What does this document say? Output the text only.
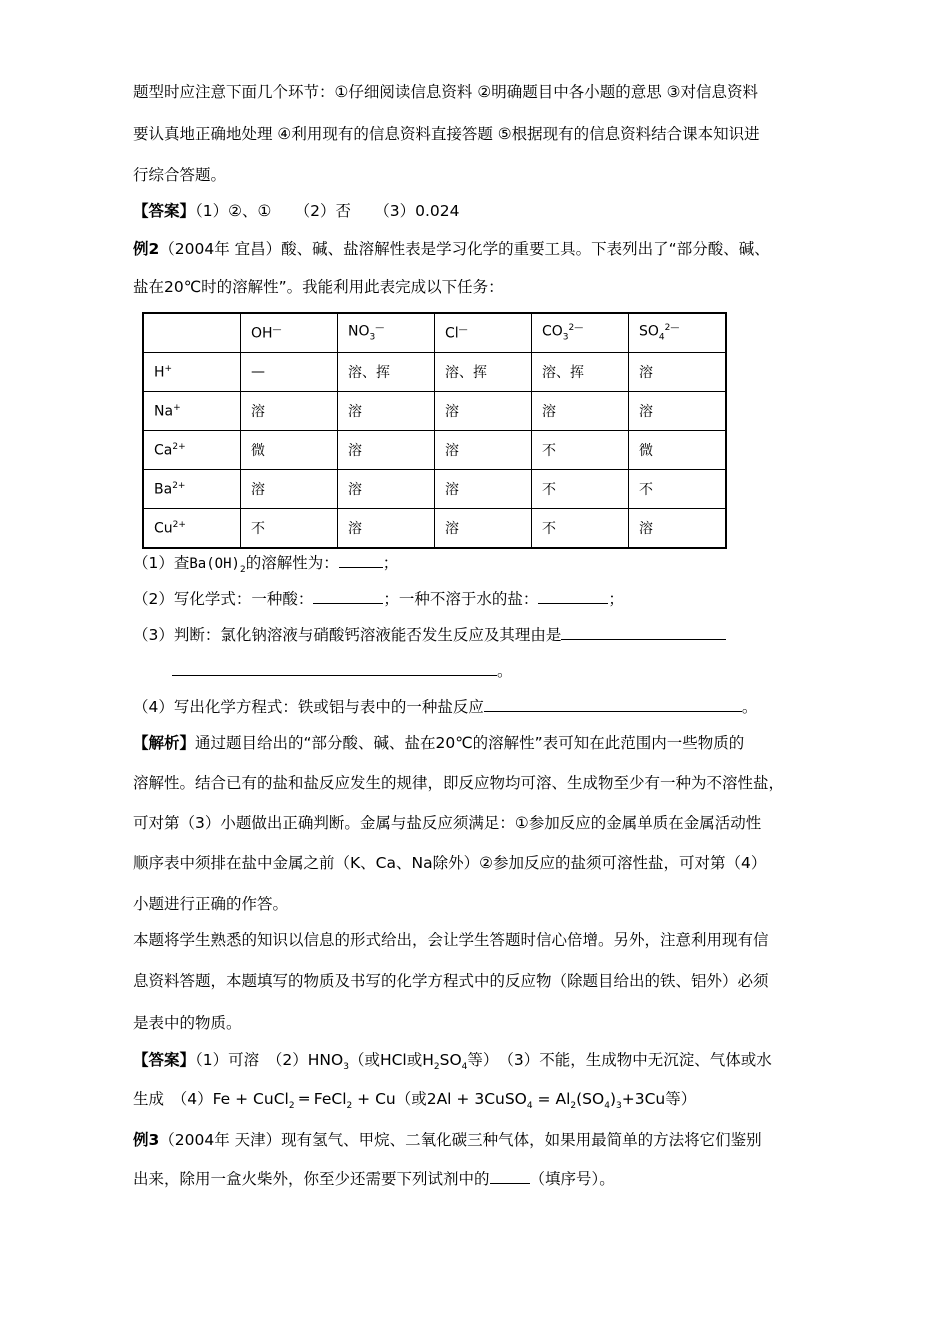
题型时应注意下面几个环节：①仔细阅读信息资料 ②明确题目中各小题的意思 ③对信息资料
要认真地正确地处理 ④利用现有的信息资料直接答题 ⑤根据现有的信息资料结合课本知识进
行综合答题。
【答案】（1）②、①　　（2）否　　（3）0.024
例2（2004年 宜昌）酸、碱、盐溶解性表是学习化学的重要工具。下表列出了“部分酸、碱、
盐在20℃时的溶解性”。我能利用此表完成以下任务：
	OH—	$NO_3^—$	Cl—	$CO_3^{2—}$	$SO_4^{2—}$
H+	—	溶、挥	溶、挥	溶、挥	溶
Na+	溶	溶	溶	溶	溶
$Ca^{2+}$	微	溶	溶	不	微
$Ba^{2+}$	溶	溶	溶	不	不
$Cu^{2+}$	不	溶	溶	不	溶
（1）查$Ba(OH)_2$的溶解性为：	；
（2）写化学式：一种酸：	；一种不溶于水的盐：	；
（3）判断：氯化钠溶液与硝酸钙溶液能否发生反应及其理由是
。
（4）写出化学方程式：铁或铝与表中的一种盐反应	。
【解析】通过题目给出的“部分酸、碱、盐在20℃的溶解性”表可知在此范围内一些物质的
溶解性。结合已有的盐和盐反应发生的规律，即反应物均可溶、生成物至少有一种为不溶性盐，
可对第（3）小题做出正确判断。金属与盐反应须满足：①参加反应的金属单质在金属活动性
顺序表中须排在盐中金属之前（K、Ca、Na除外）②参加反应的盐须可溶性盐，可对第（4）
小题进行正确的作答。
本题将学生熟悉的知识以信息的形式给出，会让学生答题时信心倍增。另外，注意利用现有信
息资料答题，本题填写的物质及书写的化学方程式中的反应物（除题目给出的铁、铝外）必须
是表中的物质。
【答案】（1）可溶　$(2)HNO_3$（或HCl或$H_2SO_4$等）　（3）不能，生成物中无沉淀、气体或水
生成　（4）Fe + CuCl$_2$ ═ FeCl$_2$ + Cu（或2Al + 3CuSO$_4$ = $Al_2(SO_4)_3+3Cu$等）
例3（2004年 天津）现有氢气、甲烷、二氧化碳三种气体，如果用最简单的方法将它们鉴别
出来，除用一盒火柴外，你至少还需要下列试剂中的	（填序号）。
